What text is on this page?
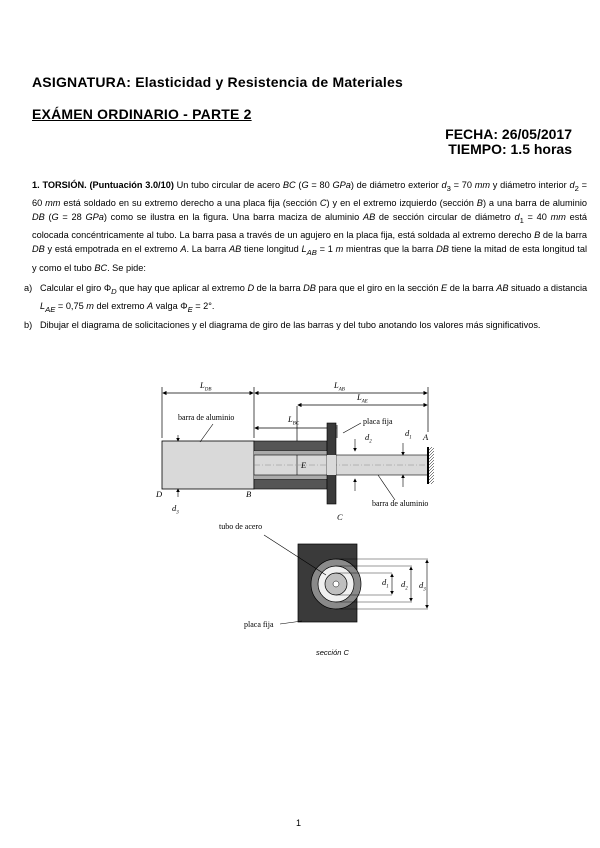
ASIGNATURA: Elasticidad y Resistencia de Materiales
EXÁMEN ORDINARIO - PARTE 2
FECHA: 26/05/2017
TIEMPO: 1.5 horas
1. TORSIÓN. (Puntuación 3.0/10) Un tubo circular de acero BC (G = 80 GPa) de diámetro exterior $d_3 = 70$ mm y diámetro interior $d_2 = 60$ mm está soldado en su extremo derecho a una placa fija (sección C) y en el extremo izquierdo (sección B) a una barra de aluminio DB (G = 28 GPa) como se ilustra en la figura. Una barra maciza de aluminio AB de sección circular de diámetro $d_1 = 40$ mm está colocada concéntricamente al tubo. La barra pasa a través de un agujero en la placa fija, está soldada al extremo derecho B de la barra DB y está empotrada en el extremo A. La barra AB tiene longitud $L_{AB} = 1$ m mientras que la barra DB tiene la mitad de esta longitud tal y como el tubo BC. Se pide:
a) Calcular el giro $\Phi_D$ que hay que aplicar al extremo D de la barra DB para que el giro en la sección E de la barra AB situado a distancia $L_{AE} = 0,75$ m del extremo A valga $\Phi_E = 2^\circ$.
b) Dibujar el diagrama de solicitaciones y el diagrama de giro de las barras y del tubo anotando los valores más significativos.
$L_{DB}$
$L_{AB}$
$L_{AE}$
$L_{BC}$
barra de aluminio	placa fija
barra de aluminio
tubo de acero
placa fija
D	B
C
A
E
$d_1$
$d_2$
$d_3$
$d_1$ $d_2$ $d_3$
sección C
1
